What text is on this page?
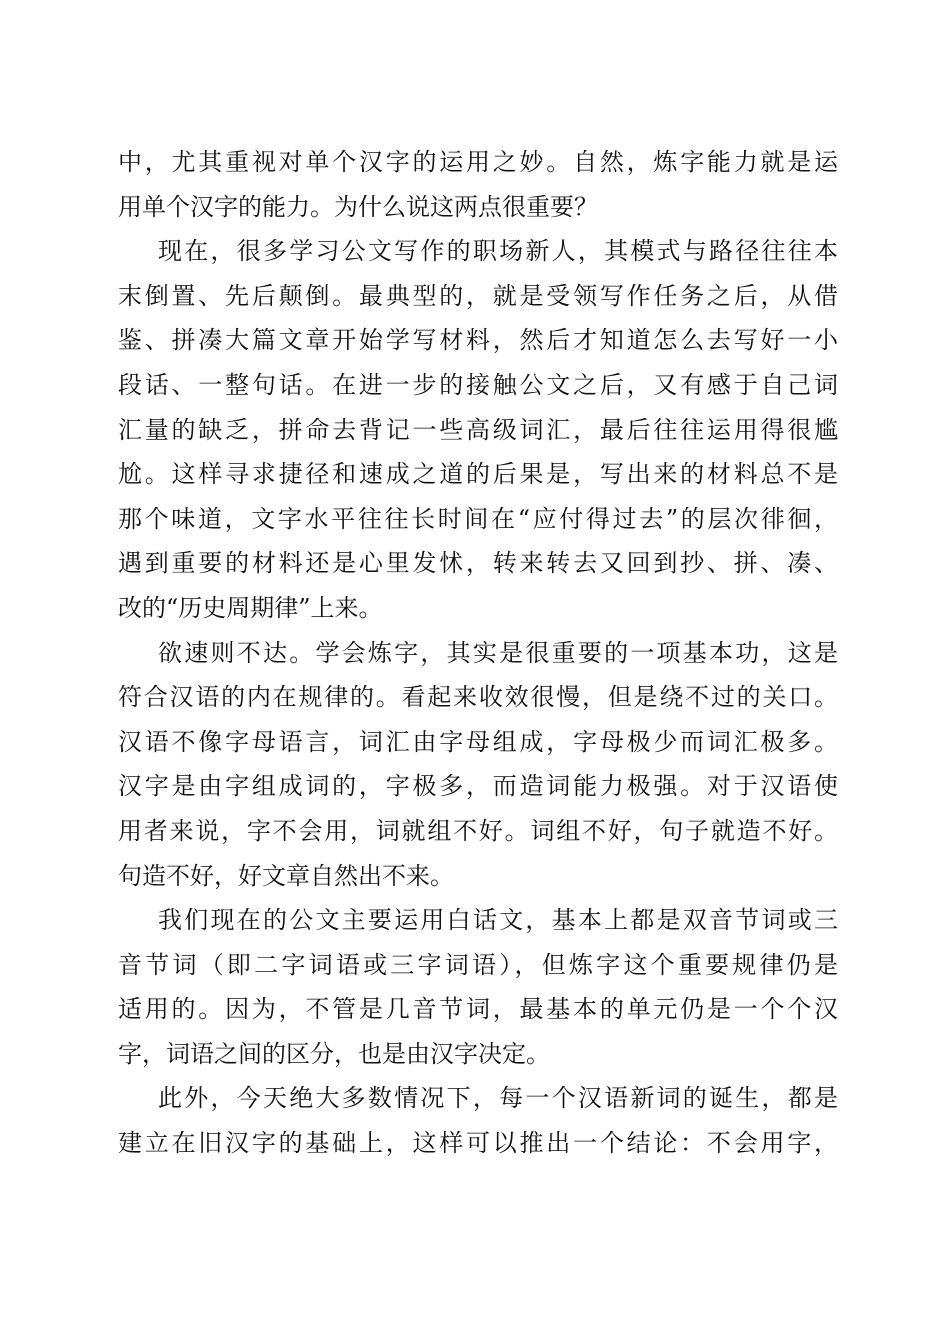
中，尤其重视对单个汉字的运用之妙。自然，炼字能力就是运
用单个汉字的能力。为什么说这两点很重要？
现在，很多学习公文写作的职场新人，其模式与路径往往本
末倒置、先后颠倒。最典型的，就是受领写作任务之后，从借
鉴、拼凑大篇文章开始学写材料，然后才知道怎么去写好一小
段话、一整句话。在进一步的接触公文之后，又有感于自己词
汇量的缺乏，拼命去背记一些高级词汇，最后往往运用得很尴
尬。这样寻求捷径和速成之道的后果是，写出来的材料总不是
那个味道，文字水平往往长时间在“应付得过去”的层次徘徊，
遇到重要的材料还是心里发怵，转来转去又回到抄、拼、凑、
改的“历史周期律”上来。
欲速则不达。学会炼字，其实是很重要的一项基本功，这是
符合汉语的内在规律的。看起来收效很慢，但是绕不过的关口。
汉语不像字母语言，词汇由字母组成，字母极少而词汇极多。
汉字是由字组成词的，字极多，而造词能力极强。对于汉语使
用者来说，字不会用，词就组不好。词组不好，句子就造不好。
句造不好，好文章自然出不来。
我们现在的公文主要运用白话文，基本上都是双音节词或三
音节词（即二字词语或三字词语），但炼字这个重要规律仍是
适用的。因为，不管是几音节词，最基本的单元仍是一个个汉
字，词语之间的区分，也是由汉字决定。
此外，今天绝大多数情况下，每一个汉语新词的诞生，都是
建立在旧汉字的基础上，这样可以推出一个结论：不会用字，
